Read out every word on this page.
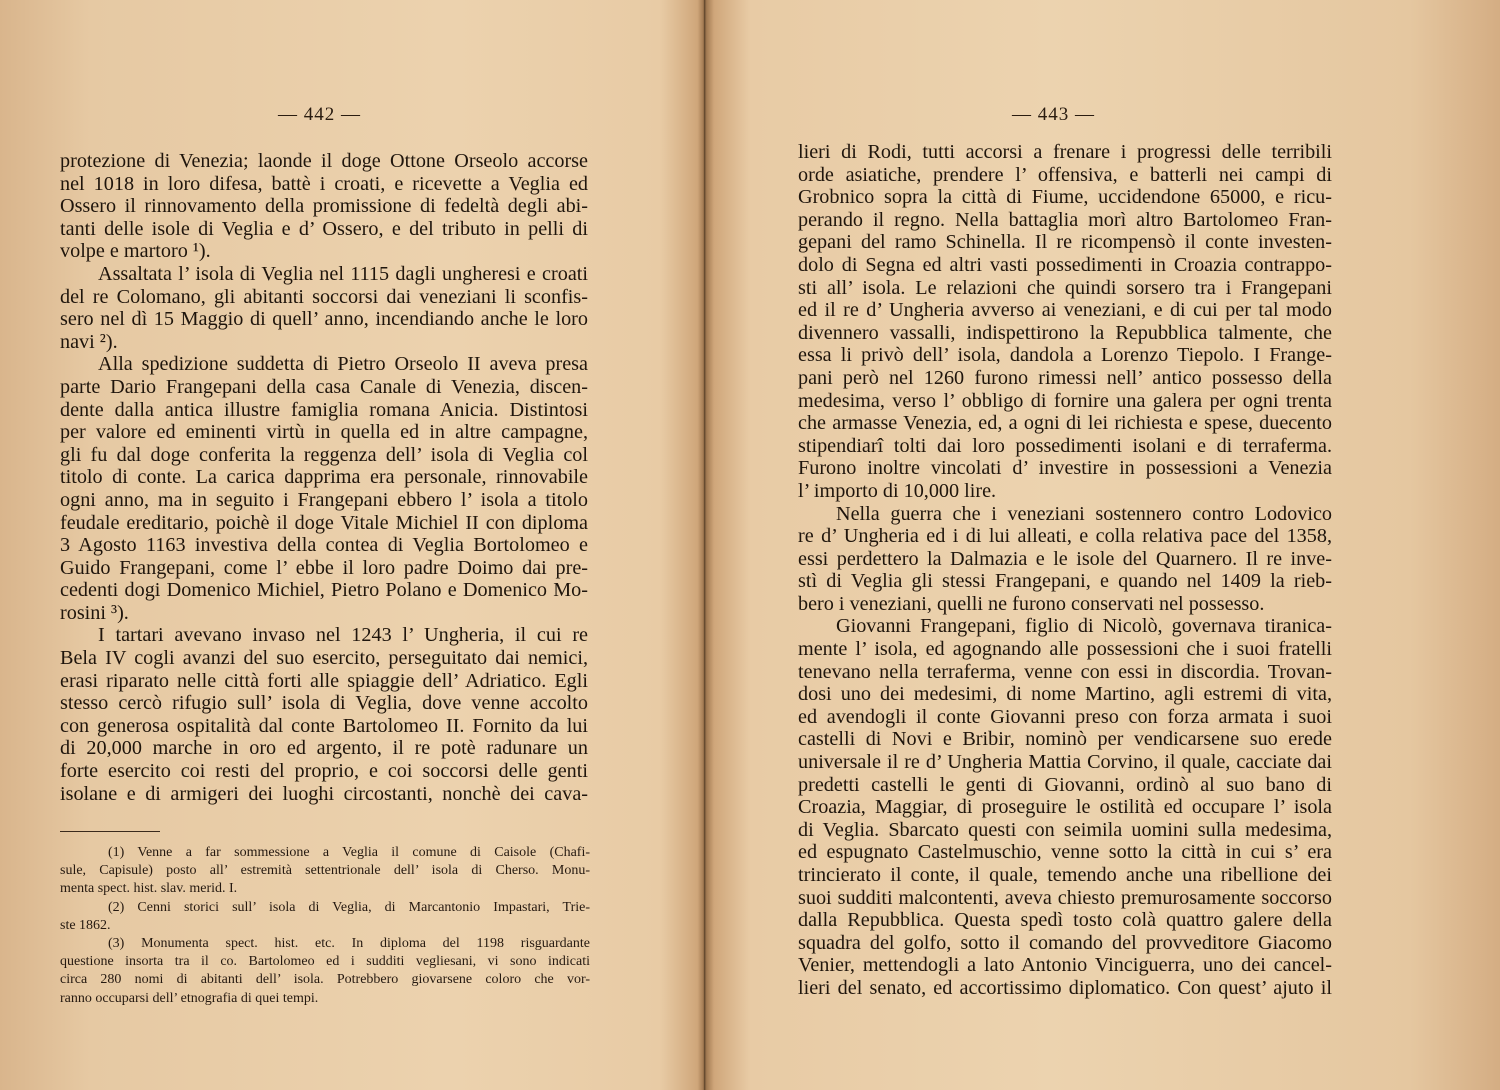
— 442 —
protezione di Venezia; laonde il doge Ottone Orseolo accorse
nel 1018 in loro difesa, battè i croati, e ricevette a Veglia ed
Ossero il rinnovamento della promissione di fedeltà degli abi-
tanti delle isole di Veglia e d’ Ossero, e del tributo in pelli di
volpe e martoro ¹).
Assaltata l’ isola di Veglia nel 1115 dagli ungheresi e croati
del re Colomano, gli abitanti soccorsi dai veneziani li sconfis-
sero nel dì 15 Maggio di quell’ anno, incendiando anche le loro
navi ²).
Alla spedizione suddetta di Pietro Orseolo II aveva presa
parte Dario Frangepani della casa Canale di Venezia, discen-
dente dalla antica illustre famiglia romana Anicia. Distintosi
per valore ed eminenti virtù in quella ed in altre campagne,
gli fu dal doge conferita la reggenza dell’ isola di Veglia col
titolo di conte. La carica dapprima era personale, rinnovabile
ogni anno, ma in seguito i Frangepani ebbero l’ isola a titolo
feudale ereditario, poichè il doge Vitale Michiel II con diploma
3 Agosto 1163 investiva della contea di Veglia Bortolomeo e
Guido Frangepani, come l’ ebbe il loro padre Doimo dai pre-
cedenti dogi Domenico Michiel, Pietro Polano e Domenico Mo-
rosini ³).
I tartari avevano invaso nel 1243 l’ Ungheria, il cui re
Bela IV cogli avanzi del suo esercito, perseguitato dai nemici,
erasi riparato nelle città forti alle spiaggie dell’ Adriatico. Egli
stesso cercò rifugio sull’ isola di Veglia, dove venne accolto
con generosa ospitalità dal conte Bartolomeo II. Fornito da lui
di 20,000 marche in oro ed argento, il re potè radunare un
forte esercito coi resti del proprio, e coi soccorsi delle genti
isolane e di armigeri dei luoghi circostanti, nonchè dei cava-
(1) Venne a far sommessione a Veglia il comune di Caisole (Chafi-
sule, Capisule) posto all’ estremità settentrionale dell’ isola di Cherso. Monu-
menta spect. hist. slav. merid. I.
(2) Cenni storici sull’ isola di Veglia, di Marcantonio Impastari, Trie-
ste 1862.
(3) Monumenta spect. hist. etc. In diploma del 1198 risguardante
questione insorta tra il co. Bartolomeo ed i sudditi vegliesani, vi sono indicati
circa 280 nomi di abitanti dell’ isola. Potrebbero giovarsene coloro che vor-
ranno occuparsi dell’ etnografia di quei tempi.
— 443 —
lieri di Rodi, tutti accorsi a frenare i progressi delle terribili
orde asiatiche, prendere l’ offensiva, e batterli nei campi di
Grobnico sopra la città di Fiume, uccidendone 65000, e ricu-
perando il regno. Nella battaglia morì altro Bartolomeo Fran-
gepani del ramo Schinella. Il re ricompensò il conte investen-
dolo di Segna ed altri vasti possedimenti in Croazia contrappo-
sti all’ isola. Le relazioni che quindi sorsero tra i Frangepani
ed il re d’ Ungheria avverso ai veneziani, e di cui per tal modo
divennero vassalli, indispettirono la Repubblica talmente, che
essa li privò dell’ isola, dandola a Lorenzo Tiepolo. I Frange-
pani però nel 1260 furono rimessi nell’ antico possesso della
medesima, verso l’ obbligo di fornire una galera per ogni trenta
che armasse Venezia, ed, a ogni di lei richiesta e spese, duecento
stipendiarî tolti dai loro possedimenti isolani e di terraferma.
Furono inoltre vincolati d’ investire in possessioni a Venezia
l’ importo di 10,000 lire.
Nella guerra che i veneziani sostennero contro Lodovico
re d’ Ungheria ed i di lui alleati, e colla relativa pace del 1358,
essi perdettero la Dalmazia e le isole del Quarnero. Il re inve-
stì di Veglia gli stessi Frangepani, e quando nel 1409 la rieb-
bero i veneziani, quelli ne furono conservati nel possesso.
Giovanni Frangepani, figlio di Nicolò, governava tiranica-
mente l’ isola, ed agognando alle possessioni che i suoi fratelli
tenevano nella terraferma, venne con essi in discordia. Trovan-
dosi uno dei medesimi, di nome Martino, agli estremi di vita,
ed avendogli il conte Giovanni preso con forza armata i suoi
castelli di Novi e Bribir, nominò per vendicarsene suo erede
universale il re d’ Ungheria Mattia Corvino, il quale, cacciate dai
predetti castelli le genti di Giovanni, ordinò al suo bano di
Croazia, Maggiar, di proseguire le ostilità ed occupare l’ isola
di Veglia. Sbarcato questi con seimila uomini sulla medesima,
ed espugnato Castelmuschio, venne sotto la città in cui s’ era
trincierato il conte, il quale, temendo anche una ribellione dei
suoi sudditi malcontenti, aveva chiesto premurosamente soccorso
dalla Repubblica. Questa spedì tosto colà quattro galere della
squadra del golfo, sotto il comando del provveditore Giacomo
Venier, mettendogli a lato Antonio Vinciguerra, uno dei cancel-
lieri del senato, ed accortissimo diplomatico. Con quest’ ajuto il
